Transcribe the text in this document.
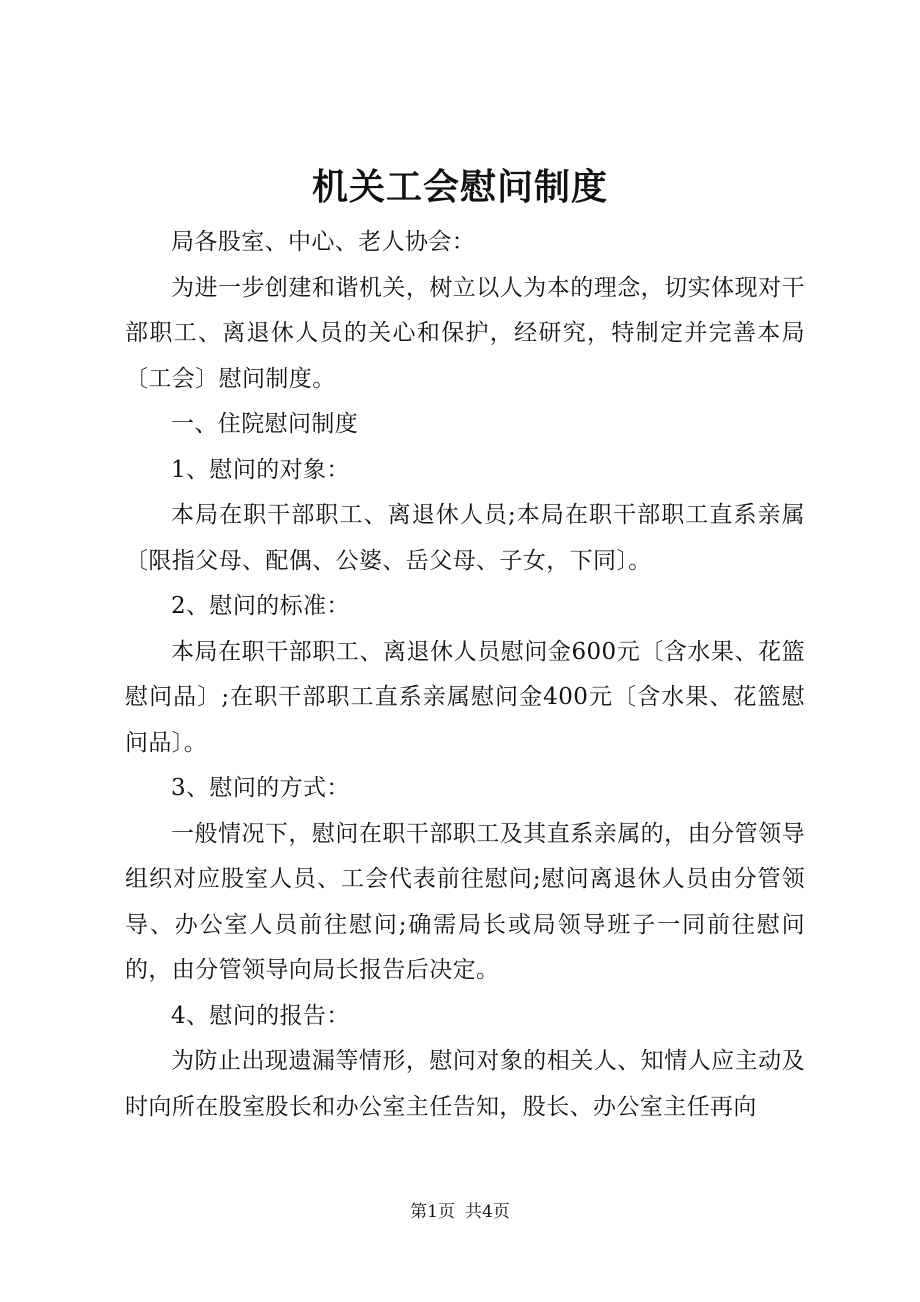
机关工会慰问制度

局各股室、中心、老人协会：

为进一步创建和谐机关，树立以人为本的理念，切实体现对干部职工、离退休人员的关心和保护，经研究，特制定并完善本局〔工会〕慰问制度。

一、住院慰问制度

1、慰问的对象：

本局在职干部职工、离退休人员;本局在职干部职工直系亲属〔限指父母、配偶、公婆、岳父母、子女，下同〕。

2、慰问的标准：

本局在职干部职工、离退休人员慰问金600元〔含水果、花篮慰问品〕;在职干部职工直系亲属慰问金400元〔含水果、花篮慰问品〕。

3、慰问的方式：

一般情况下，慰问在职干部职工及其直系亲属的，由分管领导组织对应股室人员、工会代表前往慰问;慰问离退休人员由分管领导、办公室人员前往慰问;确需局长或局领导班子一同前往慰问的，由分管领导向局长报告后决定。

4、慰问的报告：

为防止出现遗漏等情形，慰问对象的相关人、知情人应主动及时向所在股室股长和办公室主任告知，股长、办公室主任再向

第1页 共4页
